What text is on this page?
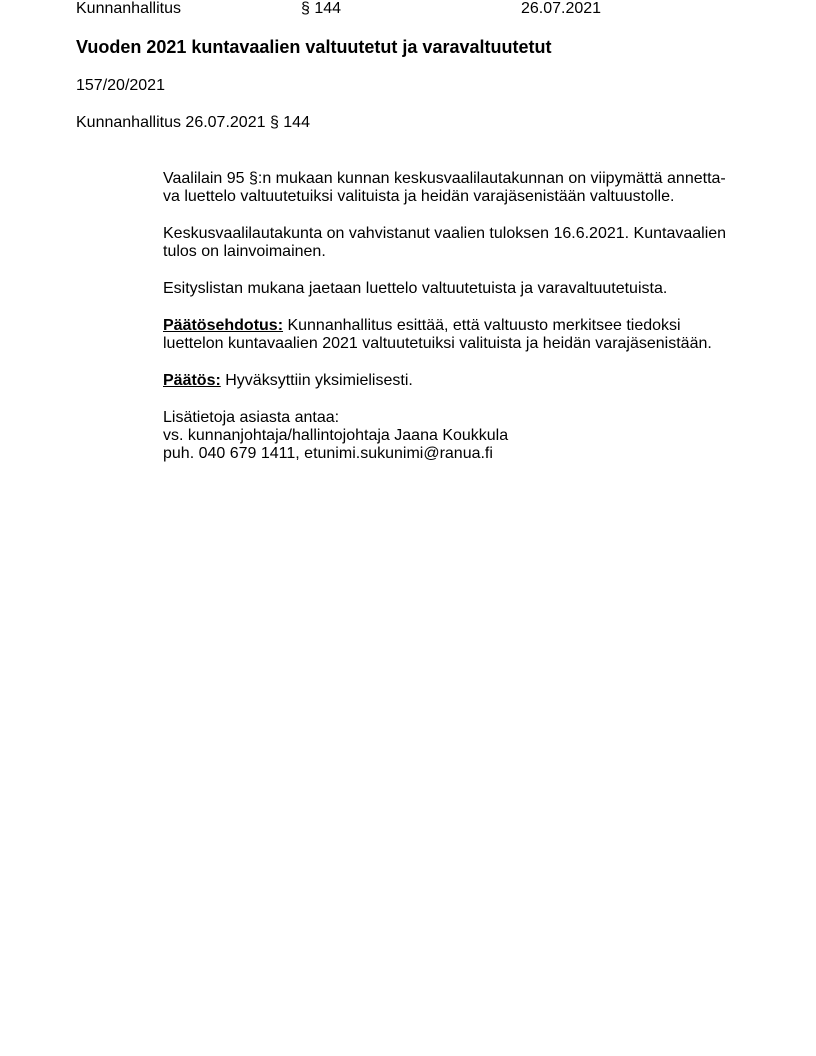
Kunnanhallitus	§ 144	26.07.2021
Vuoden 2021 kuntavaalien valtuutetut ja varavaltuutetut
157/20/2021
Kunnanhallitus 26.07.2021 § 144

Vaalilain 95 §:n mukaan kunnan keskusvaalilautakunnan on viipymättä annetta-
va luettelo valtuutetuiksi valituista ja heidän varajäsenistään valtuustolle.

Keskusvaalilautakunta on vahvistanut vaalien tuloksen 16.6.2021. Kuntavaalien
tulos on lainvoimainen.

Esityslistan mukana jaetaan luettelo valtuutetuista ja varavaltuutetuista.

Päätösehdotus: Kunnanhallitus esittää, että valtuusto merkitsee tiedoksi
luettelon kuntavaalien 2021 valtuutetuiksi valituista ja heidän varajäsenistään.

Päätös: Hyväksyttiin yksimielisesti.

Lisätietoja asiasta antaa:
vs. kunnanjohtaja/hallintojohtaja Jaana Koukkula
puh. 040 679 1411, etunimi.sukunimi@ranua.fi
